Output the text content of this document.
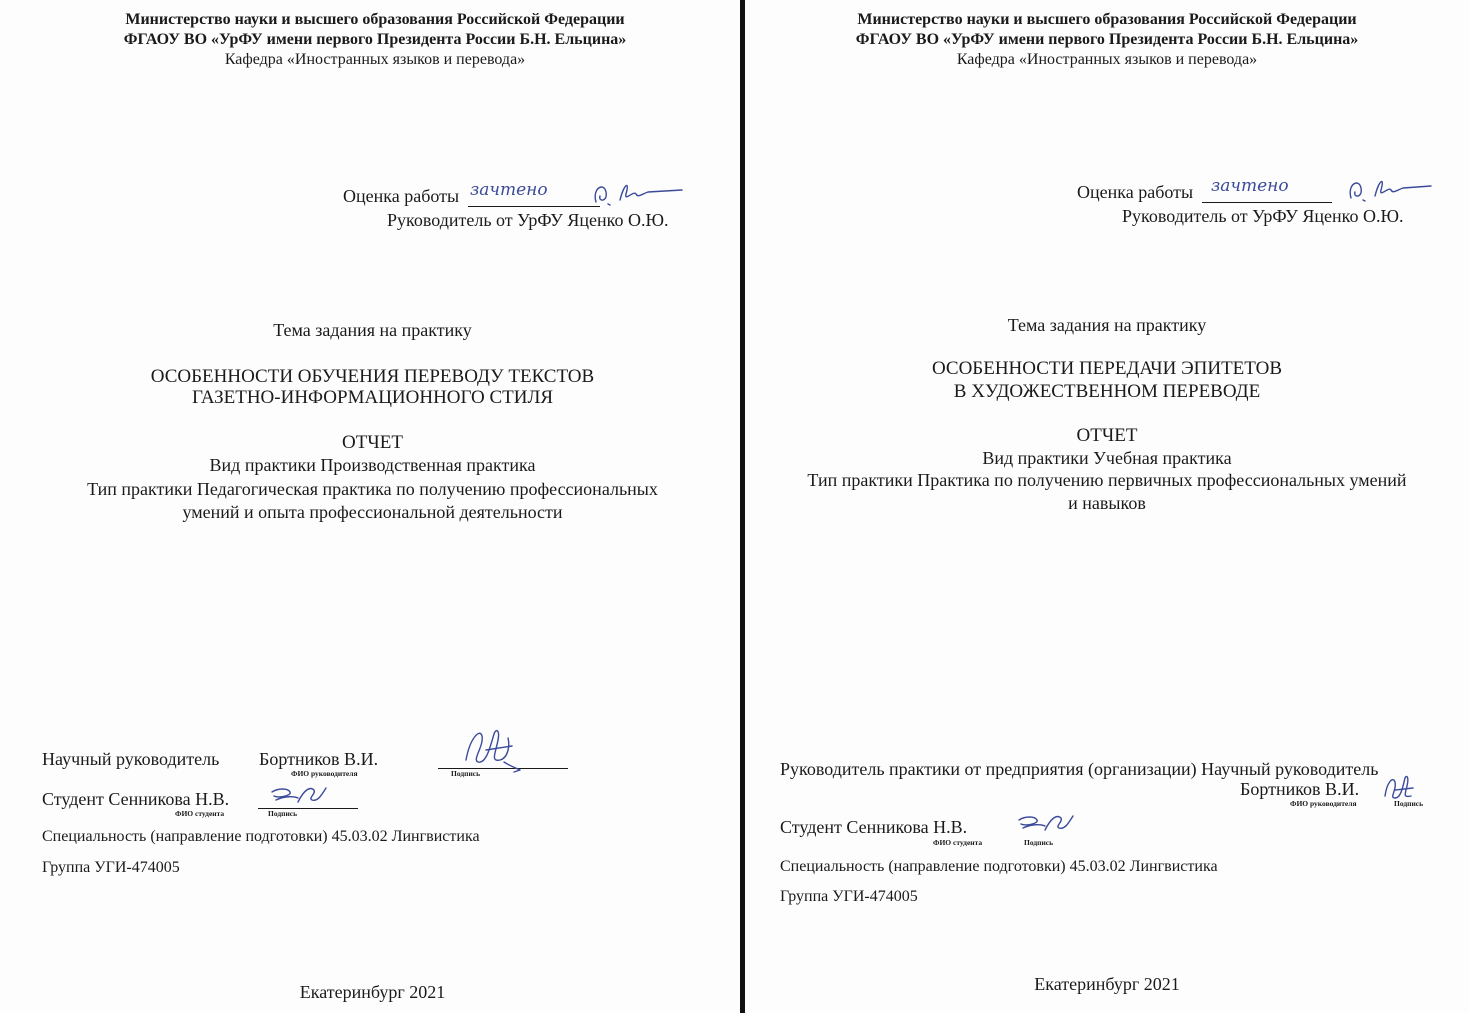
Министерство науки и высшего образования Российской Федерации
ФГАОУ ВО «УрФУ имени первого Президента России Б.Н. Ельцина»
Кафедра «Иностранных языков и перевода»
Оценка работы зачтено
Руководитель от УрФУ Яценко О.Ю.
Тема задания на практику
ОСОБЕННОСТИ ОБУЧЕНИЯ ПЕРЕВОДУ ТЕКСТОВ
ГАЗЕТНО-ИНФОРМАЦИОННОГО СТИЛЯ
ОТЧЕТ
Вид практики Производственная практика
Тип практики Педагогическая практика по получению профессиональных
умений и опыта профессиональной деятельности
Научный руководитель Бортников В.И.
ФИО руководителя	Подпись
Студент Сенникова Н.В.
ФИО студента	Подпись
Специальность (направление подготовки) 45.03.02 Лингвистика
Группа УГИ-474005
Екатеринбург 2021
Министерство науки и высшего образования Российской Федерации
ФГАОУ ВО «УрФУ имени первого Президента России Б.Н. Ельцина»
Кафедра «Иностранных языков и перевода»
Оценка работы зачтено
Руководитель от УрФУ Яценко О.Ю.
Тема задания на практику
ОСОБЕННОСТИ ПЕРЕДАЧИ ЭПИТЕТОВ
В ХУДОЖЕСТВЕННОМ ПЕРЕВОДЕ
ОТЧЕТ
Вид практики Учебная практика
Тип практики Практика по получению первичных профессиональных умений
и навыков
Руководитель практики от предприятия (организации) Научный руководитель
Бортников В.И.
ФИО руководителя	Подпись
Студент Сенникова Н.В.
ФИО студента	Подпись
Специальность (направление подготовки) 45.03.02 Лингвистика
Группа УГИ-474005
Екатеринбург 2021
